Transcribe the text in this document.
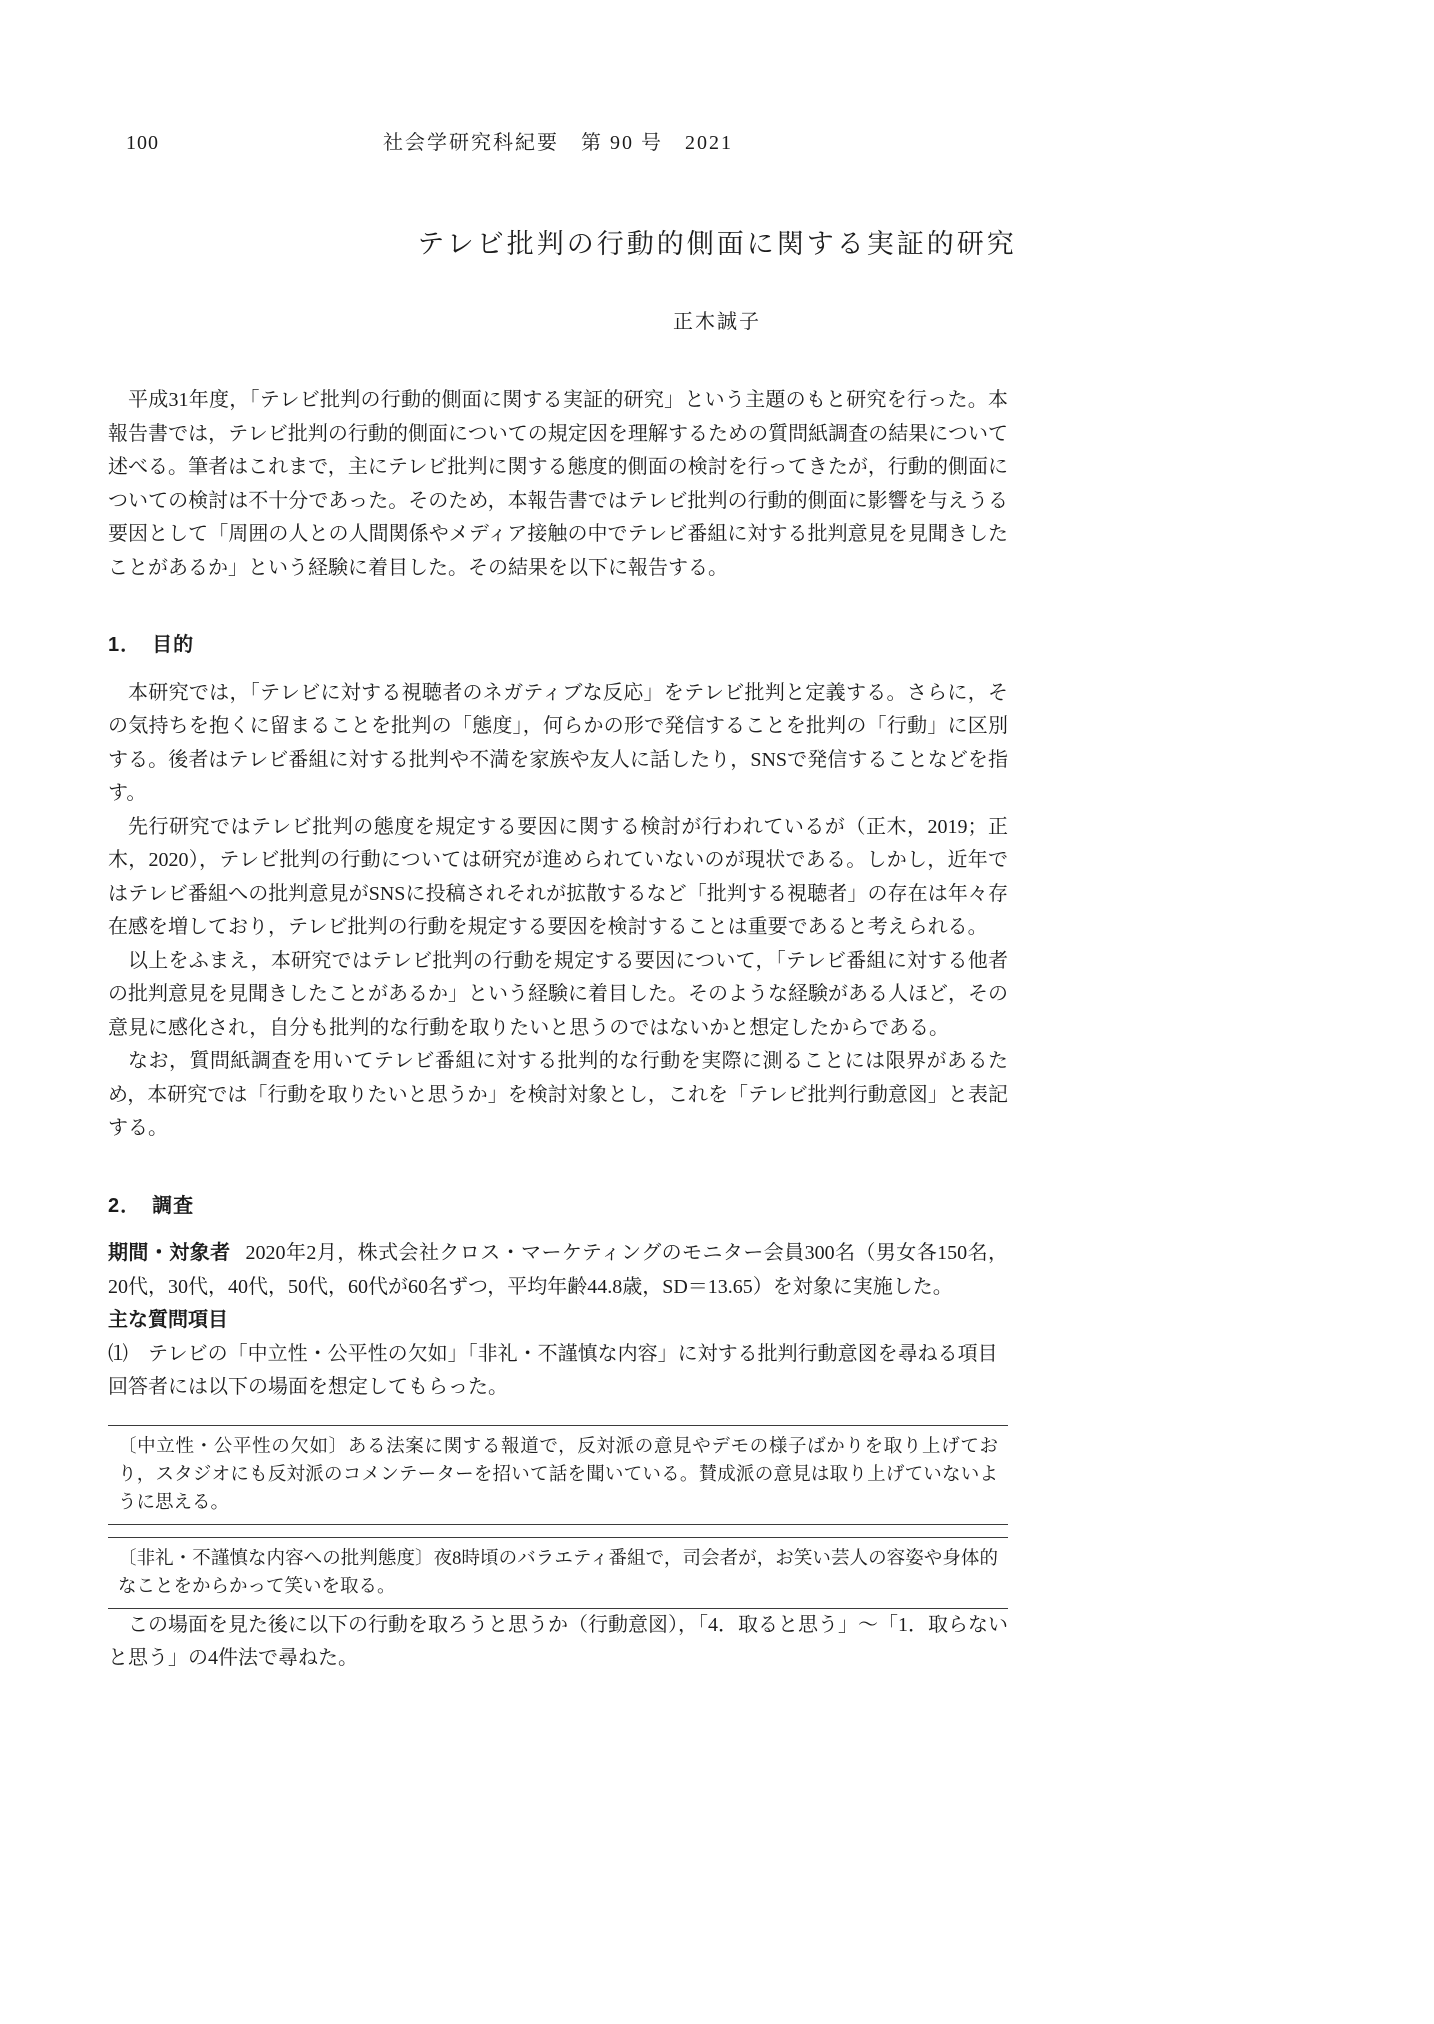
100	社会学研究科紀要　第 90 号　2021
テレビ批判の行動的側面に関する実証的研究
正木誠子

平成31年度，「テレビ批判の行動的側面に関する実証的研究」という主題のもと研究を行った。本報告書では，テレビ批判の行動的側面についての規定因を理解するための質問紙調査の結果について述べる。筆者はこれまで，主にテレビ批判に関する態度的側面の検討を行ってきたが，行動的側面についての検討は不十分であった。そのため，本報告書ではテレビ批判の行動的側面に影響を与えうる要因として「周囲の人との人間関係やメディア接触の中でテレビ番組に対する批判意見を見聞きしたことがあるか」という経験に着目した。その結果を以下に報告する。

1．　目的

本研究では，「テレビに対する視聴者のネガティブな反応」をテレビ批判と定義する。さらに，その気持ちを抱くに留まることを批判の「態度」，何らかの形で発信することを批判の「行動」に区別する。後者はテレビ番組に対する批判や不満を家族や友人に話したり，SNSで発信することなどを指す。

先行研究ではテレビ批判の態度を規定する要因に関する検討が行われているが（正木，2019；正木，2020），テレビ批判の行動については研究が進められていないのが現状である。しかし，近年ではテレビ番組への批判意見がSNSに投稿されそれが拡散するなど「批判する視聴者」の存在は年々存在感を増しており，テレビ批判の行動を規定する要因を検討することは重要であると考えられる。

以上をふまえ，本研究ではテレビ批判の行動を規定する要因について，「テレビ番組に対する他者の批判意見を見聞きしたことがあるか」という経験に着目した。そのような経験がある人ほど，その意見に感化され，自分も批判的な行動を取りたいと思うのではないかと想定したからである。

なお，質問紙調査を用いてテレビ番組に対する批判的な行動を実際に測ることには限界があるため，本研究では「行動を取りたいと思うか」を検討対象とし，これを「テレビ批判行動意図」と表記する。

2．　調査

期間・対象者 2020年2月，株式会社クロス・マーケティングのモニター会員300名（男女各150名，20代，30代，40代，50代，60代が60名ずつ，平均年齢44.8歳，SD＝13.65）を対象に実施した。

主な質問項目

⑴　テレビの「中立性・公平性の欠如」「非礼・不謹慎な内容」に対する批判行動意図を尋ねる項目

回答者には以下の場面を想定してもらった。

〔中立性・公平性の欠如〕ある法案に関する報道で，反対派の意見やデモの様子ばかりを取り上げており，スタジオにも反対派のコメンテーターを招いて話を聞いている。賛成派の意見は取り上げていないように思える。
〔非礼・不謹慎な内容への批判態度〕夜8時頃のバラエティ番組で，司会者が，お笑い芸人の容姿や身体的なことをからかって笑いを取る。

この場面を見た後に以下の行動を取ろうと思うか（行動意図），「4．取ると思う」～「1．取らないと思う」の4件法で尋ねた。
